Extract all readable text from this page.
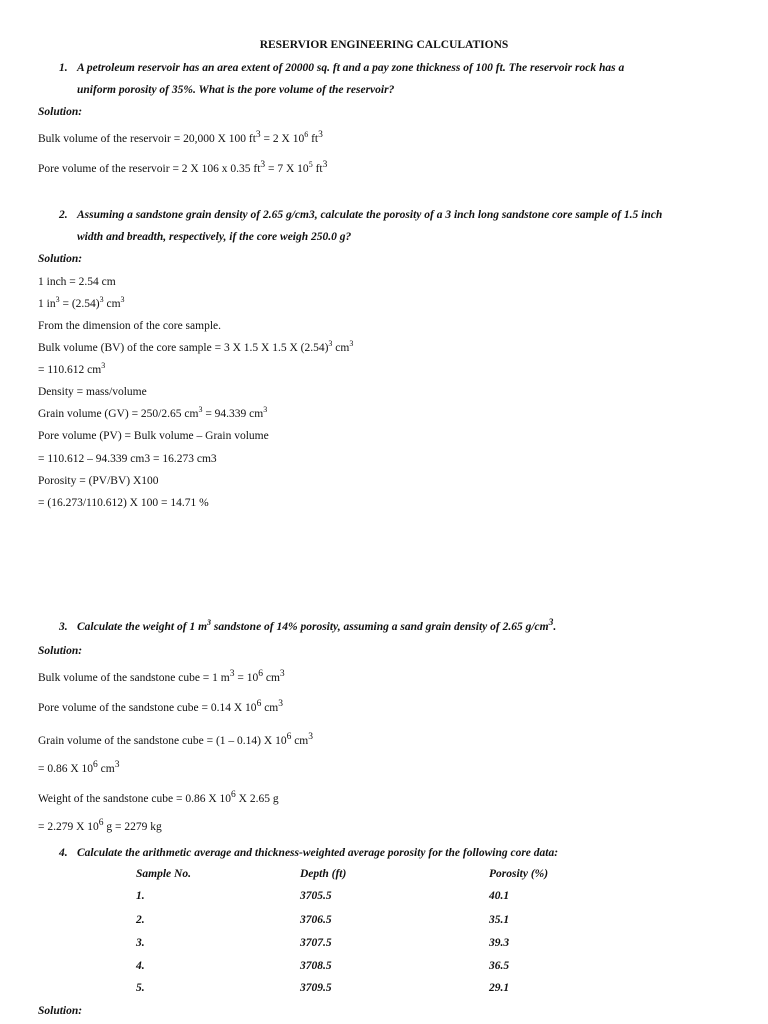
RESERVIOR ENGINEERING CALCULATIONS
1. A petroleum reservoir has an area extent of 20000 sq. ft and a pay zone thickness of 100 ft. The reservoir rock has a
uniform porosity of 35%. What is the pore volume of the reservoir?
Solution:
Bulk volume of the reservoir = 20,000 X 100 $ft^3 = 2$ X $10^6$ $ft^3$
Pore volume of the reservoir = 2 X 106 x 0.35 $ft^3 = 7$ X $10^5$ $ft^3$
2. Assuming a sandstone grain density of 2.65 g/cm3, calculate the porosity of a 3 inch long sandstone core sample of 1.5 inch
width and breadth, respectively, if the core weigh 250.0 g?
Solution:
1 inch = 2.54 cm
1 $in^3 = (2.54)^3$ $cm^3$
From the dimension of the core sample.
Bulk volume (BV) of the core sample = 3 X 1.5 X 1.5 X $(2.54)^3$ $cm^3$
= 110.612 $cm^3$
Density = mass/volume
Grain volume (GV) = 250/2.65 $cm^3 = 94.339$ $cm^3$
Pore volume (PV) = Bulk volume – Grain volume
= 110.612 – 94.339 cm3 = 16.273 cm3
Porosity = (PV/BV) X100
= (16.273/110.612) X 100 = 14.71 %
3. Calculate the weight of 1 $m^3$ sandstone of 14% porosity, assuming a sand grain density of 2.65 $g/cm^3$.
Solution:
Bulk volume of the sandstone cube = 1 $m^3 = 10^6$ $cm^3$
Pore volume of the sandstone cube = 0.14 X $10^6$ $cm^3$
Grain volume of the sandstone cube = (1 – 0.14) X $10^6$ $cm^3$
= 0.86 X $10^6$ $cm^3$
Weight of the sandstone cube = 0.86 X $10^6$ X 2.65 g
= 2.279 X $10^6$ g = 2279 kg
4. Calculate the arithmetic average and thickness-weighted average porosity for the following core data:
Sample No.	Depth (ft)	Porosity (%)
1.	3705.5	40.1
2.	3706.5	35.1
3.	3707.5	39.3
4.	3708.5	36.5
5.	3709.5	29.1
Solution:
